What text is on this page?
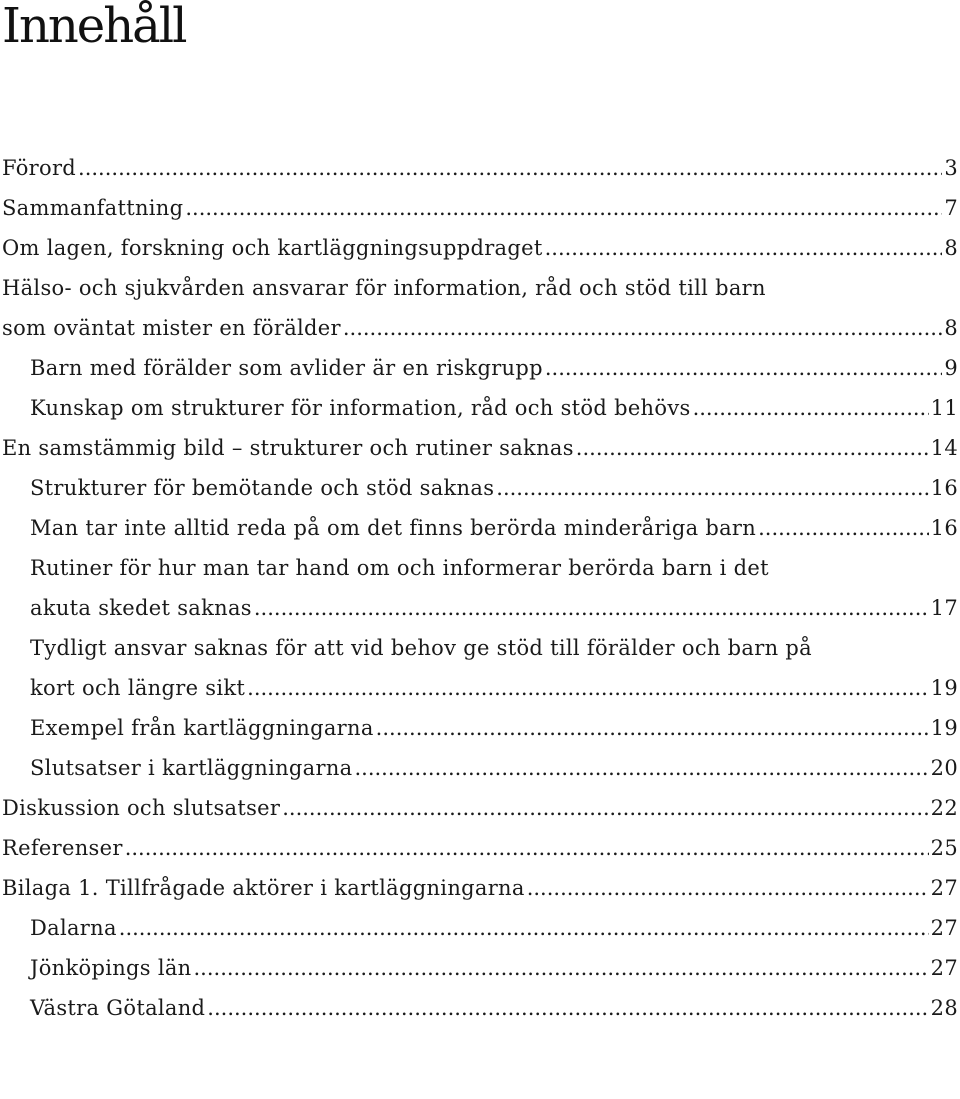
Innehåll
Förord .....	3
Sammanfattning .....	7
Om lagen, forskning och kartläggningsuppdraget .....	8
Hälso- och sjukvården ansvarar för information, råd och stöd till barn
som oväntat mister en förälder .....	8
Barn med förälder som avlider är en riskgrupp .....	9
Kunskap om strukturer för information, råd och stöd behövs .....	11
En samstämmig bild – strukturer och rutiner saknas .....	14
Strukturer för bemötande och stöd saknas .....	16
Man tar inte alltid reda på om det finns berörda minderåriga barn .....	16
Rutiner för hur man tar hand om och informerar berörda barn i det
akuta skedet saknas .....	17
Tydligt ansvar saknas för att vid behov ge stöd till förälder och barn på
kort och längre sikt .....	19
Exempel från kartläggningarna .....	19
Slutsatser i kartläggningarna .....	20
Diskussion och slutsatser .....	22
Referenser .....	25
Bilaga 1. Tillfrågade aktörer i kartläggningarna .....	27
Dalarna .....	27
Jönköpings län .....	27
Västra Götaland .....	28
